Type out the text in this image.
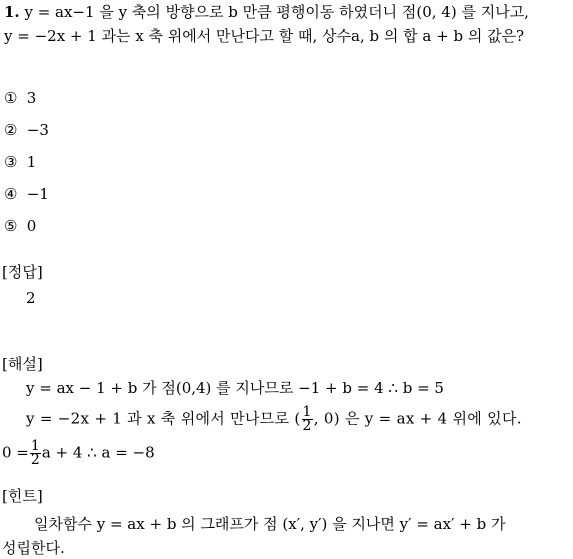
1. y = ax−1 을 y 축의 방향으로 b 만큼 평행이동 하였더니 점(0, 4) 를 지나고,
y = −2x + 1 과는 x 축 위에서 만난다고 할 때, 상수a, b 의 합 a + b 의 값은?
① 3
② −3
③ 1
④ −1
⑤ 0
[정답]
2
[해설]
y = ax − 1 + b 가 점(0,4) 를 지나므로 −1 + b = 4 ∴ b = 5
y = −2x + 1 과 x 축 위에서 만나므로 ( $\frac{1}{2}$ , 0) 은 y = ax + 4 위에 있다.
$0 = \frac{1}{2}$ a + 4 ∴ a = −8
[힌트]
일차함수 y = ax + b 의 그래프가 점 (x′, y′) 을 지나면 y′ = ax′ + b 가
성립한다.
